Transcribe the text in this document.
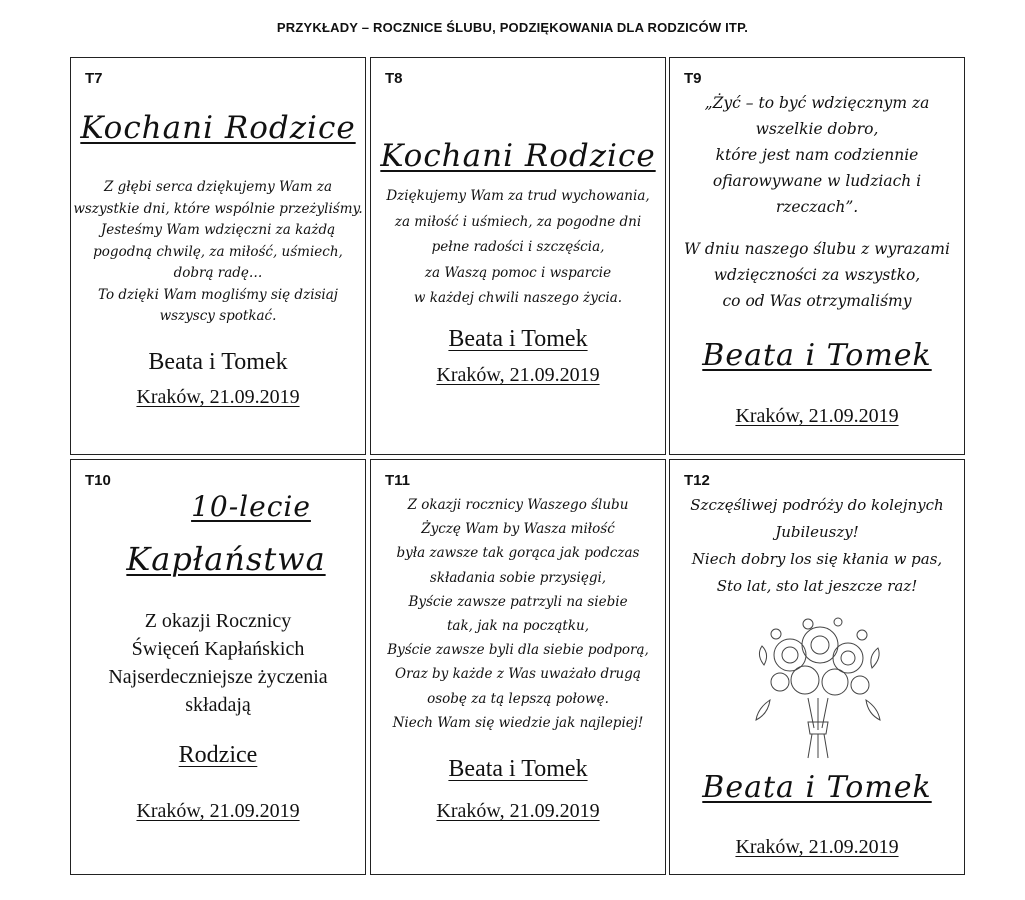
PRZYKŁADY – ROCZNICE ŚLUBU, PODZIĘKOWANIA DLA RODZICÓW ITP.
T7
Kochani Rodzice

Z głębi serca dziękujemy Wam za

wszystkie dni, które wspólnie przeżyliśmy.

Jesteśmy Wam wdzięczni za każdą

pogodną chwilę, za miłość, uśmiech,

dobrą radę…

To dzięki Wam mogliśmy się dzisiaj

wszyscy spotkać.

Beata i Tomek
Kraków, 21.09.2019
T8
Kochani Rodzice

Dziękujemy Wam za trud wychowania,

za miłość i uśmiech, za pogodne dni

pełne radości i szczęścia,

za Waszą pomoc i wsparcie

w każdej chwili naszego życia.

Beata i Tomek
Kraków, 21.09.2019
T9

„Żyć – to być wdzięcznym za

wszelkie dobro,

które jest nam codziennie

ofiarowywane w ludziach i

rzeczach”.

W dniu naszego ślubu z wyrazami

wdzięczności za wszystko,

co od Was otrzymaliśmy

Beata i Tomek
Kraków, 21.09.2019
T10
10-lecie
Kapłaństwa

Z okazji Rocznicy

Święceń Kapłańskich

Najserdeczniejsze życzenia

składają

Rodzice
Kraków, 21.09.2019
T11

Z okazji rocznicy Waszego ślubu

Życzę Wam by Wasza miłość

była zawsze tak gorąca jak podczas

składania sobie przysięgi,

Byście zawsze patrzyli na siebie

tak, jak na początku,

Byście zawsze byli dla siebie podporą,

Oraz by każde z Was uważało drugą

osobę za tą lepszą połowę.

Niech Wam się wiedzie jak najlepiej!

Beata i Tomek
Kraków, 21.09.2019
T12

Szczęśliwej podróży do kolejnych

Jubileuszy!

Niech dobry los się kłania w pas,

Sto lat, sto lat jeszcze raz!

Beata i Tomek
Kraków, 21.09.2019
